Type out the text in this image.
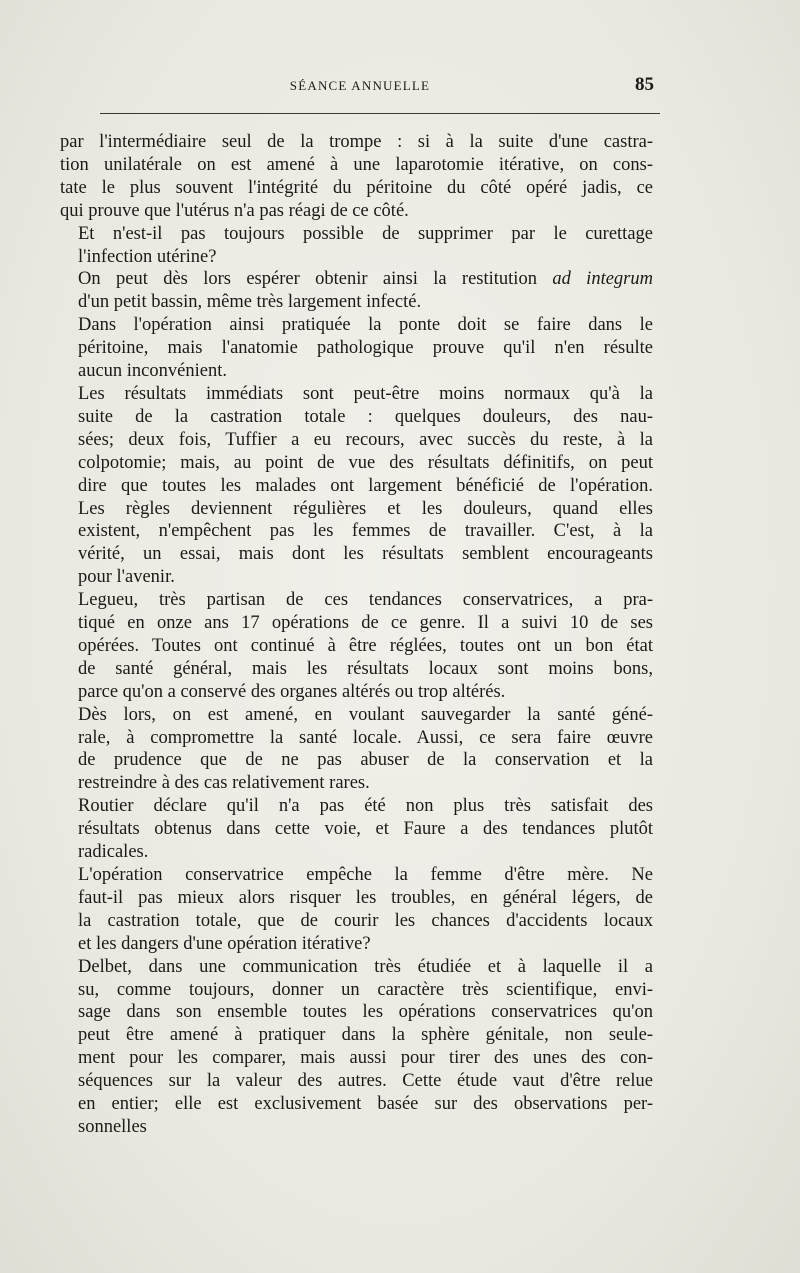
SÉANCE ANNUELLE	85

par l'intermédiaire seul de la trompe : si à la suite d'une castra-
tion unilatérale on est amené à une laparotomie itérative, on cons-
tate le plus souvent l'intégrité du péritoine du côté opéré jadis, ce
qui prouve que l'utérus n'a pas réagi de ce côté.

Et n'est-il pas toujours possible de supprimer par le curettage
l'infection utérine?

On peut dès lors espérer obtenir ainsi la restitution ad integrum
d'un petit bassin, même très largement infecté.

Dans l'opération ainsi pratiquée la ponte doit se faire dans le
péritoine, mais l'anatomie pathologique prouve qu'il n'en résulte
aucun inconvénient.

Les résultats immédiats sont peut-être moins normaux qu'à la
suite de la castration totale : quelques douleurs, des nau-
sées; deux fois, Tuffier a eu recours, avec succès du reste, à la
colpotomie; mais, au point de vue des résultats définitifs, on peut
dire que toutes les malades ont largement bénéficié de l'opération.
Les règles deviennent régulières et les douleurs, quand elles
existent, n'empêchent pas les femmes de travailler. C'est, à la
vérité, un essai, mais dont les résultats semblent encourageants
pour l'avenir.

Legueu, très partisan de ces tendances conservatrices, a pra-
tiqué en onze ans 17 opérations de ce genre. Il a suivi 10 de ses
opérées. Toutes ont continué à être réglées, toutes ont un bon état
de santé général, mais les résultats locaux sont moins bons,
parce qu'on a conservé des organes altérés ou trop altérés.

Dès lors, on est amené, en voulant sauvegarder la santé géné-
rale, à compromettre la santé locale. Aussi, ce sera faire œuvre
de prudence que de ne pas abuser de la conservation et la
restreindre à des cas relativement rares.

Routier déclare qu'il n'a pas été non plus très satisfait des
résultats obtenus dans cette voie, et Faure a des tendances plutôt
radicales.

L'opération conservatrice empêche la femme d'être mère. Ne
faut-il pas mieux alors risquer les troubles, en général légers, de
la castration totale, que de courir les chances d'accidents locaux
et les dangers d'une opération itérative?

Delbet, dans une communication très étudiée et à laquelle il a
su, comme toujours, donner un caractère très scientifique, envi-
sage dans son ensemble toutes les opérations conservatrices qu'on
peut être amené à pratiquer dans la sphère génitale, non seule-
ment pour les comparer, mais aussi pour tirer des unes des con-
séquences sur la valeur des autres. Cette étude vaut d'être relue
en entier; elle est exclusivement basée sur des observations per-
sonnelles
